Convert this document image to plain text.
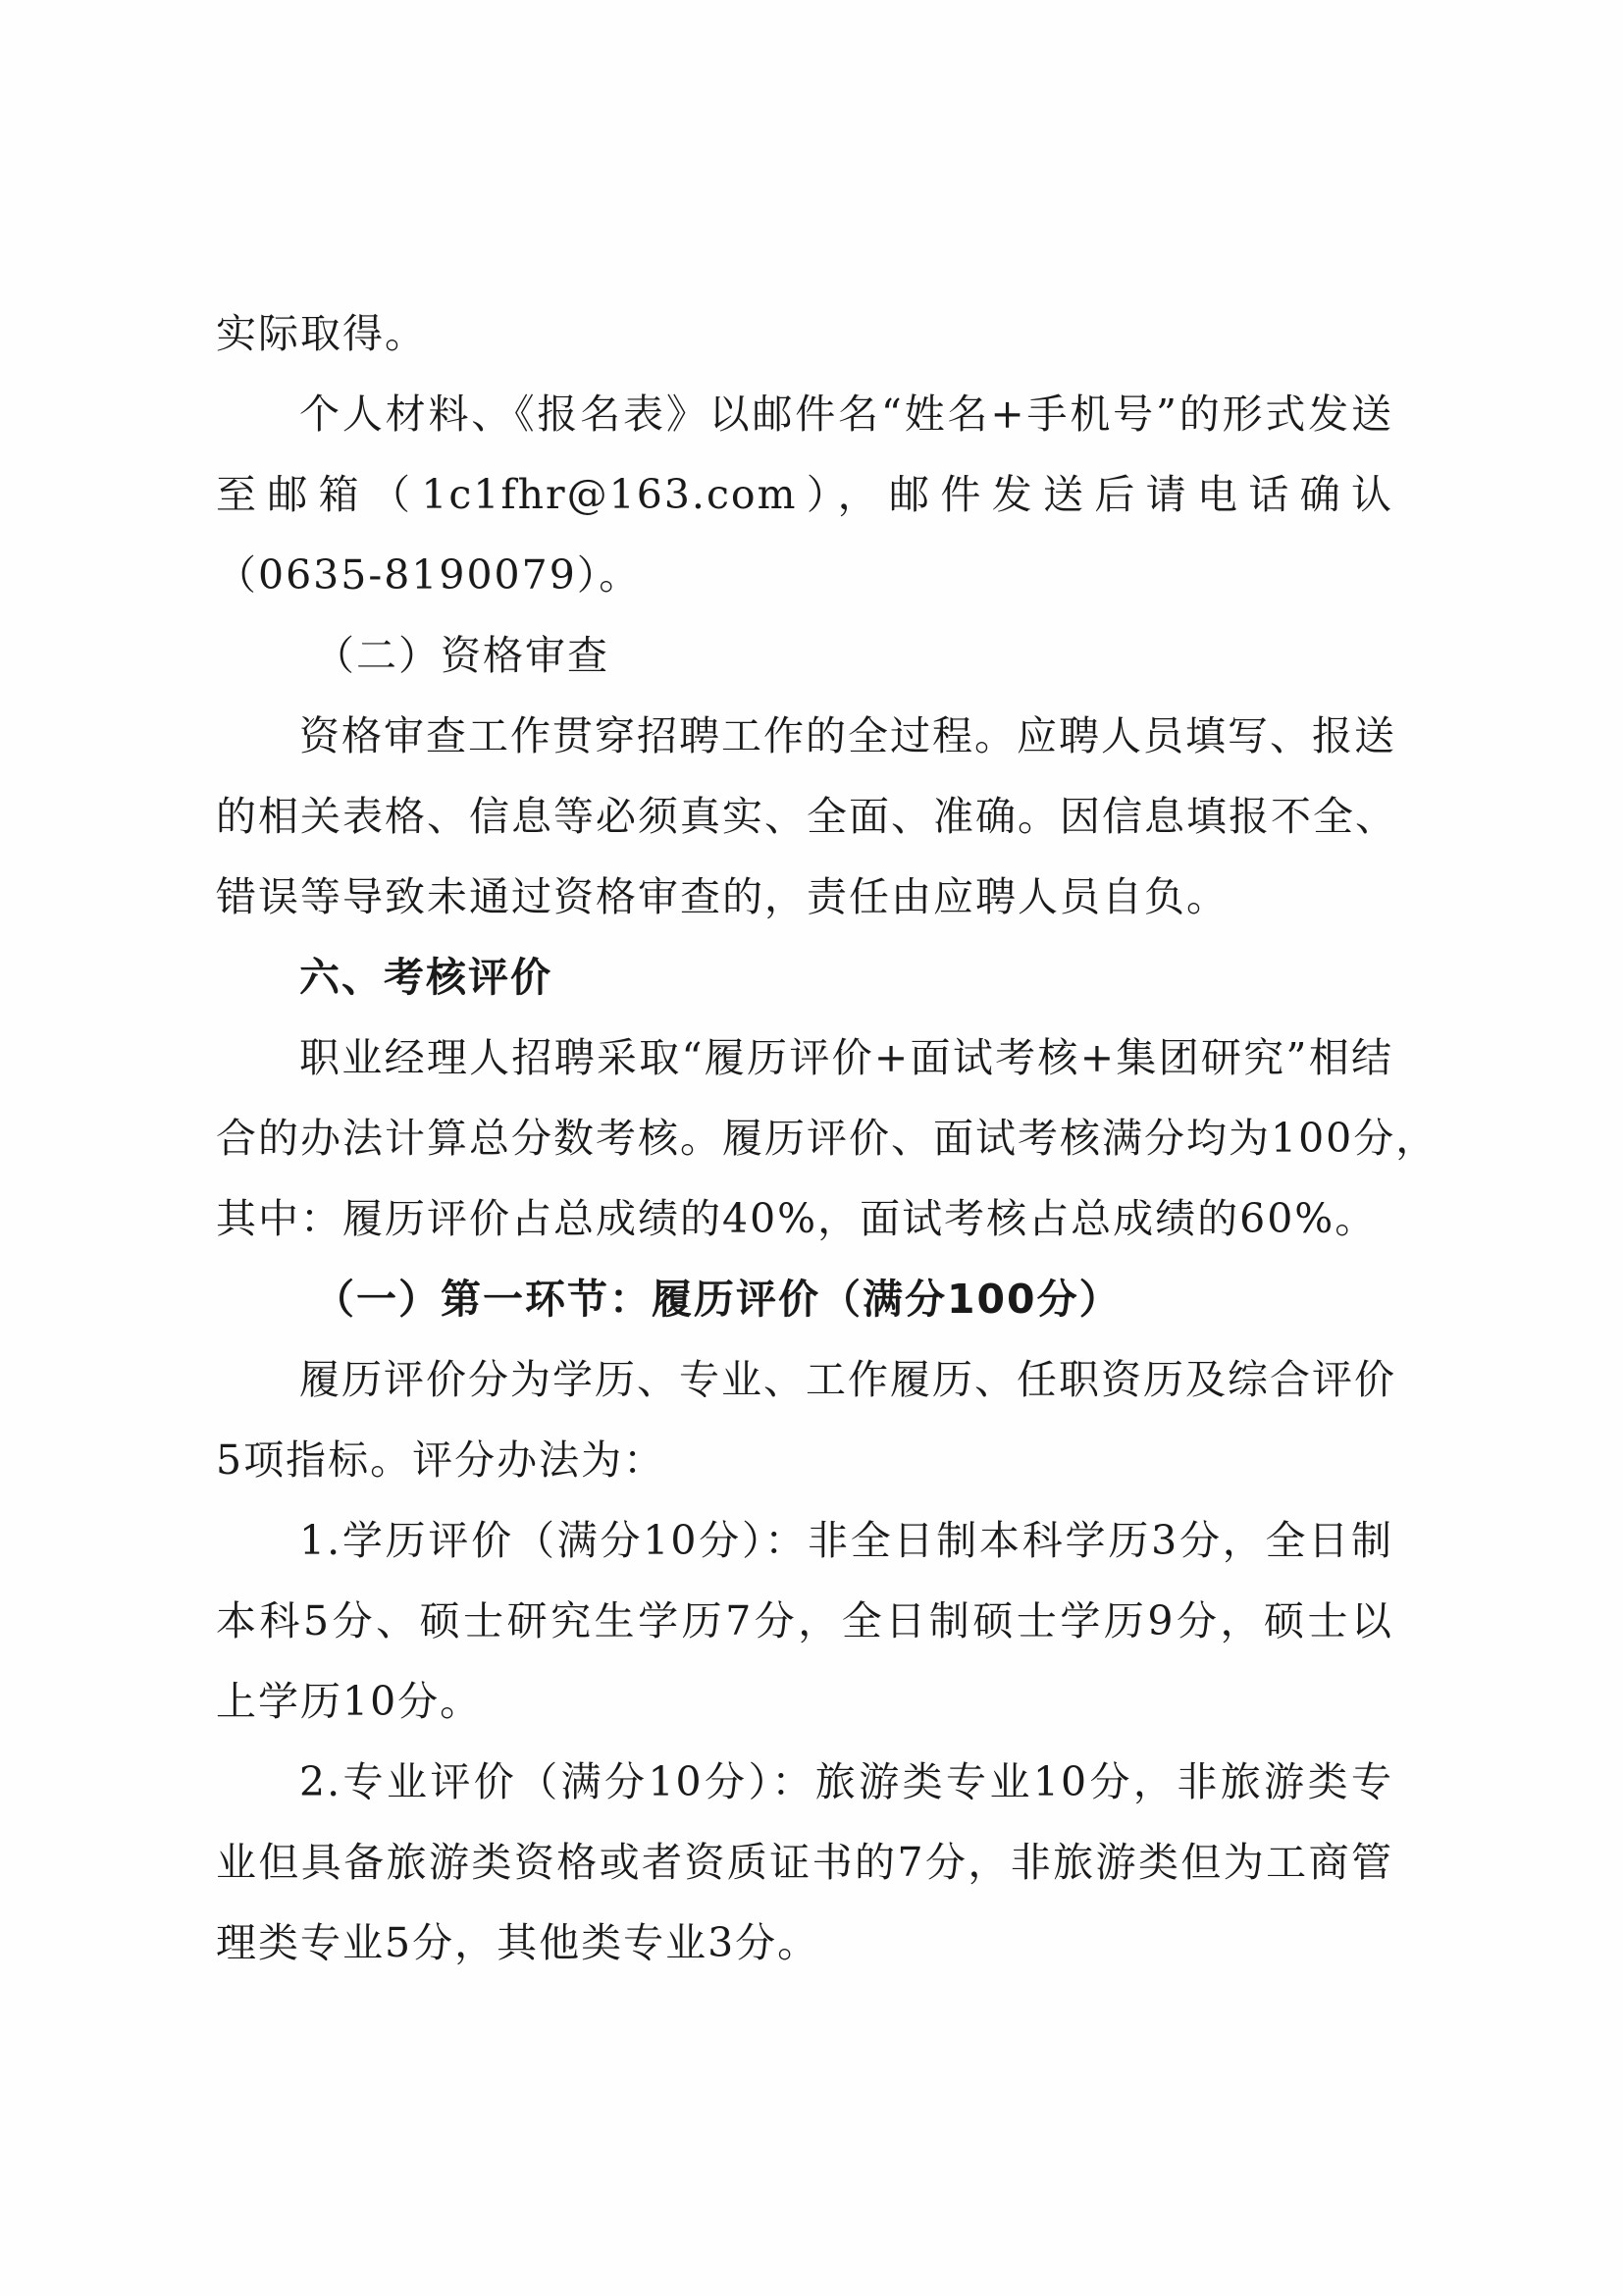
实际取得。
个人材料、《报名表》以邮件名“姓名+手机号”的形式发送
至邮箱（1c1fhr@163.com），邮件发送后请电话确认
（0635-8190079）。
（二）资格审查
资格审查工作贯穿招聘工作的全过程。应聘人员填写、报送
的相关表格、信息等必须真实、全面、准确。因信息填报不全、
错误等导致未通过资格审查的，责任由应聘人员自负。
六、考核评价
职业经理人招聘采取“履历评价+面试考核+集团研究”相结
合的办法计算总分数考核。履历评价、面试考核满分均为100分，
其中：履历评价占总成绩的40%，面试考核占总成绩的60%。
（一）第一环节：履历评价（满分100分）
履历评价分为学历、专业、工作履历、任职资历及综合评价
5项指标。评分办法为：
1.学历评价（满分10分）：非全日制本科学历3分，全日制
本科5分、硕士研究生学历7分，全日制硕士学历9分，硕士以
上学历10分。
2.专业评价（满分10分）：旅游类专业10分，非旅游类专
业但具备旅游类资格或者资质证书的7分，非旅游类但为工商管
理类专业5分，其他类专业3分。
